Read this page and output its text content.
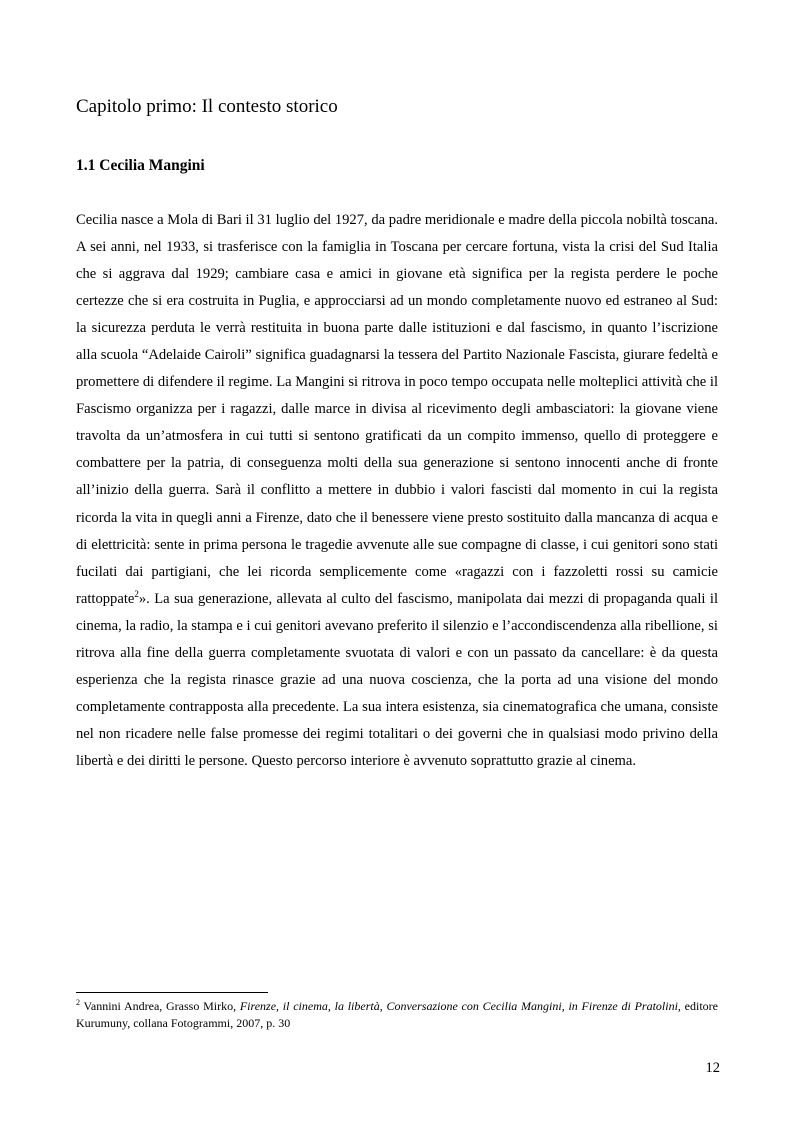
Capitolo primo: Il contesto storico
1.1 Cecilia Mangini

Cecilia nasce a Mola di Bari il 31 luglio del 1927, da padre meridionale e madre della piccola nobiltà toscana. A sei anni, nel 1933, si trasferisce con la famiglia in Toscana per cercare fortuna, vista la crisi del Sud Italia che si aggrava dal 1929; cambiare casa e amici in giovane età significa per la regista perdere le poche certezze che si era costruita in Puglia, e approcciarsi ad un mondo completamente nuovo ed estraneo al Sud: la sicurezza perduta le verrà restituita in buona parte dalle istituzioni e dal fascismo, in quanto l’iscrizione alla scuola “Adelaide Cairoli” significa guadagnarsi la tessera del Partito Nazionale Fascista, giurare fedeltà e promettere di difendere il regime. La Mangini si ritrova in poco tempo occupata nelle molteplici attività che il Fascismo organizza per i ragazzi, dalle marce in divisa al ricevimento degli ambasciatori: la giovane viene travolta da un’atmosfera in cui tutti si sentono gratificati da un compito immenso, quello di proteggere e combattere per la patria, di conseguenza molti della sua generazione si sentono innocenti anche di fronte all’inizio della guerra. Sarà il conflitto a mettere in dubbio i valori fascisti dal momento in cui la regista ricorda la vita in quegli anni a Firenze, dato che il benessere viene presto sostituito dalla mancanza di acqua e di elettricità: sente in prima persona le tragedie avvenute alle sue compagne di classe, i cui genitori sono stati fucilati dai partigiani, che lei ricorda semplicemente come «ragazzi con i fazzoletti rossi su camicie rattoppate$^2$». La sua generazione, allevata al culto del fascismo, manipolata dai mezzi di propaganda quali il cinema, la radio, la stampa e i cui genitori avevano preferito il silenzio e l’accondiscendenza alla ribellione, si ritrova alla fine della guerra completamente svuotata di valori e con un passato da cancellare: è da questa esperienza che la regista rinasce grazie ad una nuova coscienza, che la porta ad una visione del mondo completamente contrapposta alla precedente. La sua intera esistenza, sia cinematografica che umana, consiste nel non ricadere nelle false promesse dei regimi totalitari o dei governi che in qualsiasi modo privino della libertà e dei diritti le persone. Questo percorso interiore è avvenuto soprattutto grazie al cinema.

$^2$ Vannini Andrea, Grasso Mirko, Firenze, il cinema, la libertà, Conversazione con Cecilia Mangini, in Firenze di Pratolini, editore Kurumuny, collana Fotogrammi, 2007, p. 30

12
